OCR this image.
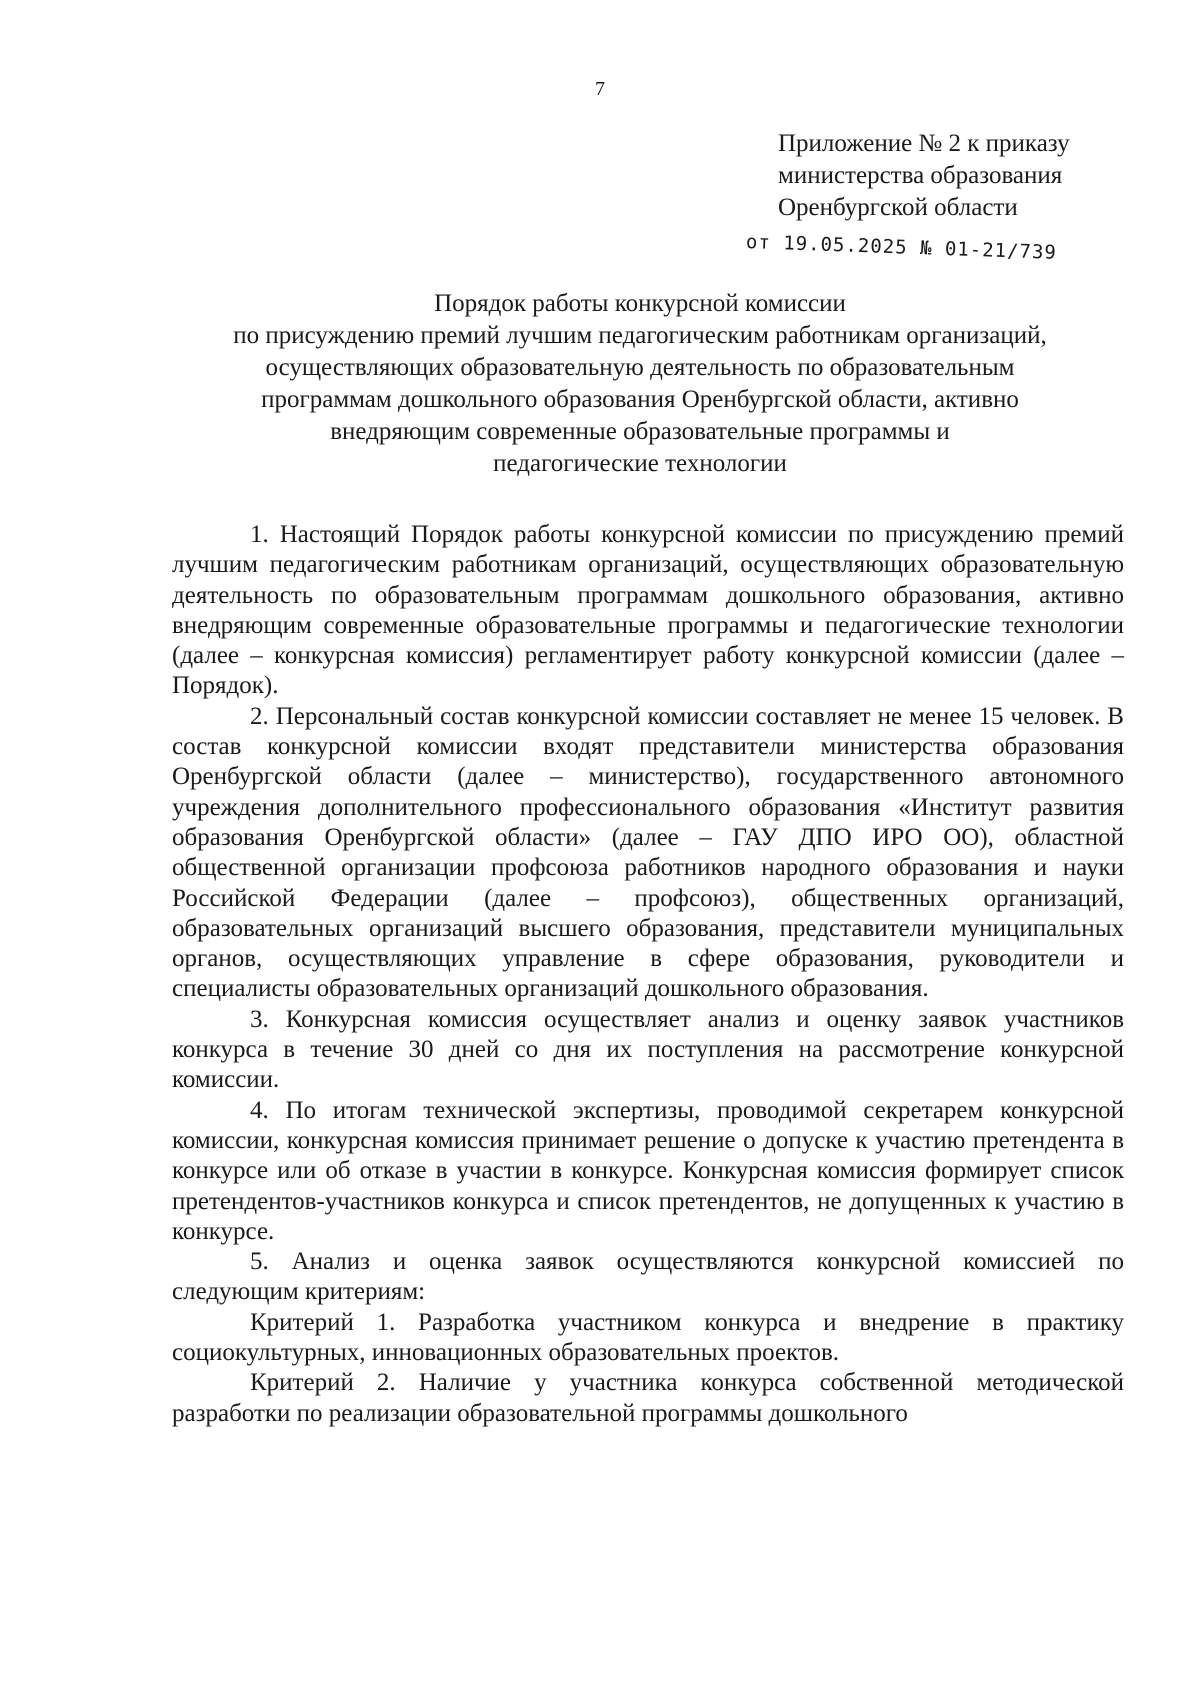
7
Приложение № 2 к приказу
министерства образования
Оренбургской области
от 19.05.2025 № 01-21/739
Порядок работы конкурсной комиссии
по присуждению премий лучшим педагогическим работникам организаций,
осуществляющих образовательную деятельность по образовательным
программам дошкольного образования Оренбургской области, активно
внедряющим современные образовательные программы и
педагогические технологии

1. Настоящий Порядок работы конкурсной комиссии по присуждению премий лучшим педагогическим работникам организаций, осуществляющих образовательную деятельность по образовательным программам дошкольного образования, активно внедряющим современные образовательные программы и педагогические технологии (далее – конкурсная комиссия) регламентирует работу конкурсной комиссии (далее – Порядок).

2. Персональный состав конкурсной комиссии составляет не менее 15 человек. В состав конкурсной комиссии входят представители министерства образования Оренбургской области (далее – министерство), государственного автономного учреждения дополнительного профессионального образования «Институт развития образования Оренбургской области» (далее – ГАУ ДПО ИРО ОО), областной общественной организации профсоюза работников народного образования и науки Российской Федерации (далее – профсоюз), общественных организаций, образовательных организаций высшего образования, представители муниципальных органов, осуществляющих управление в сфере образования, руководители и специалисты образовательных организаций дошкольного образования.

3. Конкурсная комиссия осуществляет анализ и оценку заявок участников конкурса в течение 30 дней со дня их поступления на рассмотрение конкурсной комиссии.

4. По итогам технической экспертизы, проводимой секретарем конкурсной комиссии, конкурсная комиссия принимает решение о допуске к участию претендента в конкурсе или об отказе в участии в конкурсе. Конкурсная комиссия формирует список претендентов-участников конкурса и список претендентов, не допущенных к участию в конкурсе.

5. Анализ и оценка заявок осуществляются конкурсной комиссией по следующим критериям:

Критерий 1. Разработка участником конкурса и внедрение в практику социокультурных, инновационных образовательных проектов.

Критерий 2. Наличие у участника конкурса собственной методической разработки по реализации образовательной программы дошкольного
